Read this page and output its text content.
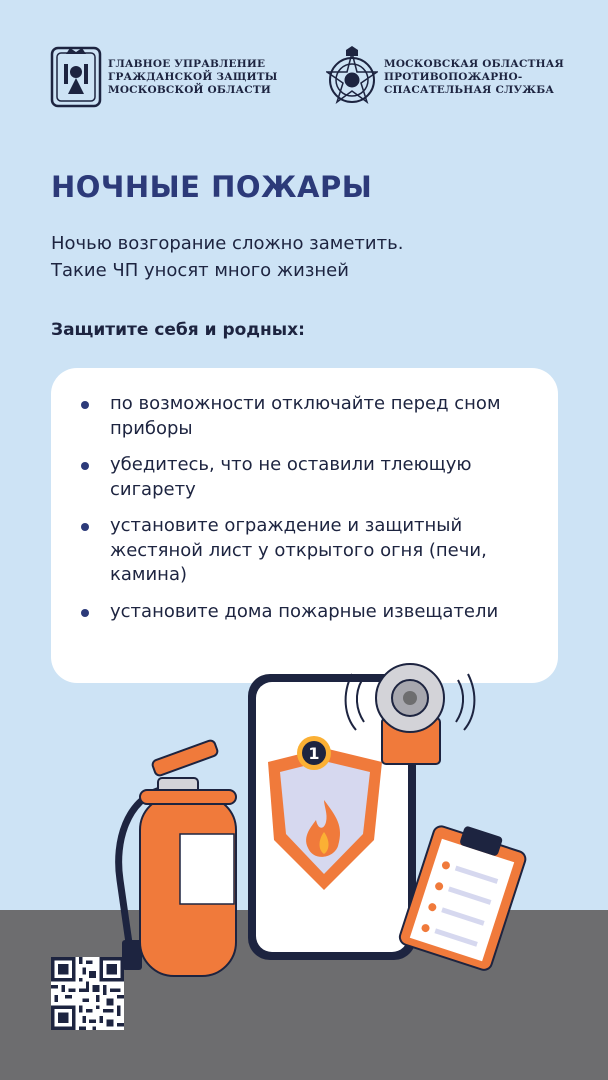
ГЛАВНОЕ УПРАВЛЕНИЕ
ГРАЖДАНСКОЙ ЗАЩИТЫ
МОСКОВСКОЙ ОБЛАСТИ
МОСКОВСКАЯ ОБЛАСТНАЯ
ПРОТИВОПОЖАРНО-
СПАСАТЕЛЬНАЯ СЛУЖБА
НОЧНЫЕ ПОЖАРЫ
Ночью возгорание сложно заметить.
Такие ЧП уносят много жизней
Защитите себя и родных:
по возможности отключайте перед сном приборы
убедитесь, что не оставили тлеющую сигарету
установите ограждение и защитный жестяной лист у открытого огня (печи, камина)
установите дома пожарные извещатели
1
